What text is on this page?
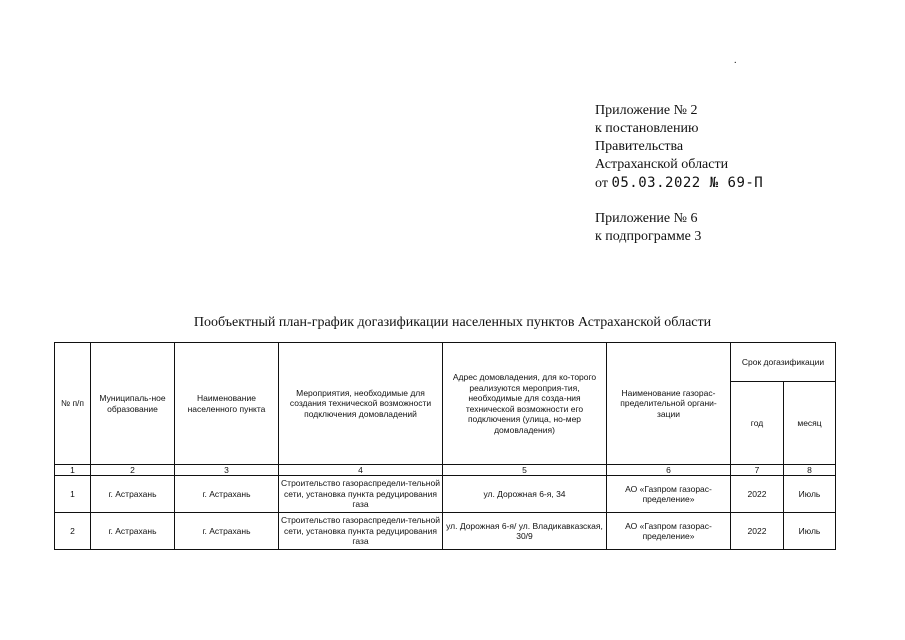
.
Приложение № 2
к постановлению
Правительства
Астраханской области
от 05.03.2022 № 69-П
Приложение № 6
к подпрограмме 3
Пообъектный план-график догазификации населенных пунктов Астраханской области
№ п/п	Муниципаль-ное образование	Наименование населенного пункта	Мероприятия, необходимые для создания технической возможности подключения домовладений	Адрес домовладения, для ко-торого реализуются мероприя-тия, необходимые для созда-ния технической возможности его подключения (улица, но-мер домовладения)	Наименование газорас-пределительной органи-зации	Срок догазификации	
						год	месяц
1	2	3	4	5	6	7	8
1	г. Астрахань	г. Астрахань	Строительство газораспредели-тельной сети, установка пункта редуцирования газа	ул. Дорожная 6-я, 34	АО «Газпром газорас-пределение»	2022	Июль
2	г. Астрахань	г. Астрахань	Строительство газораспредели-тельной сети, установка пункта редуцирования газа	ул. Дорожная 6-я/ ул. Владикавказская, 30/9	АО «Газпром газорас-пределение»	2022	Июль
